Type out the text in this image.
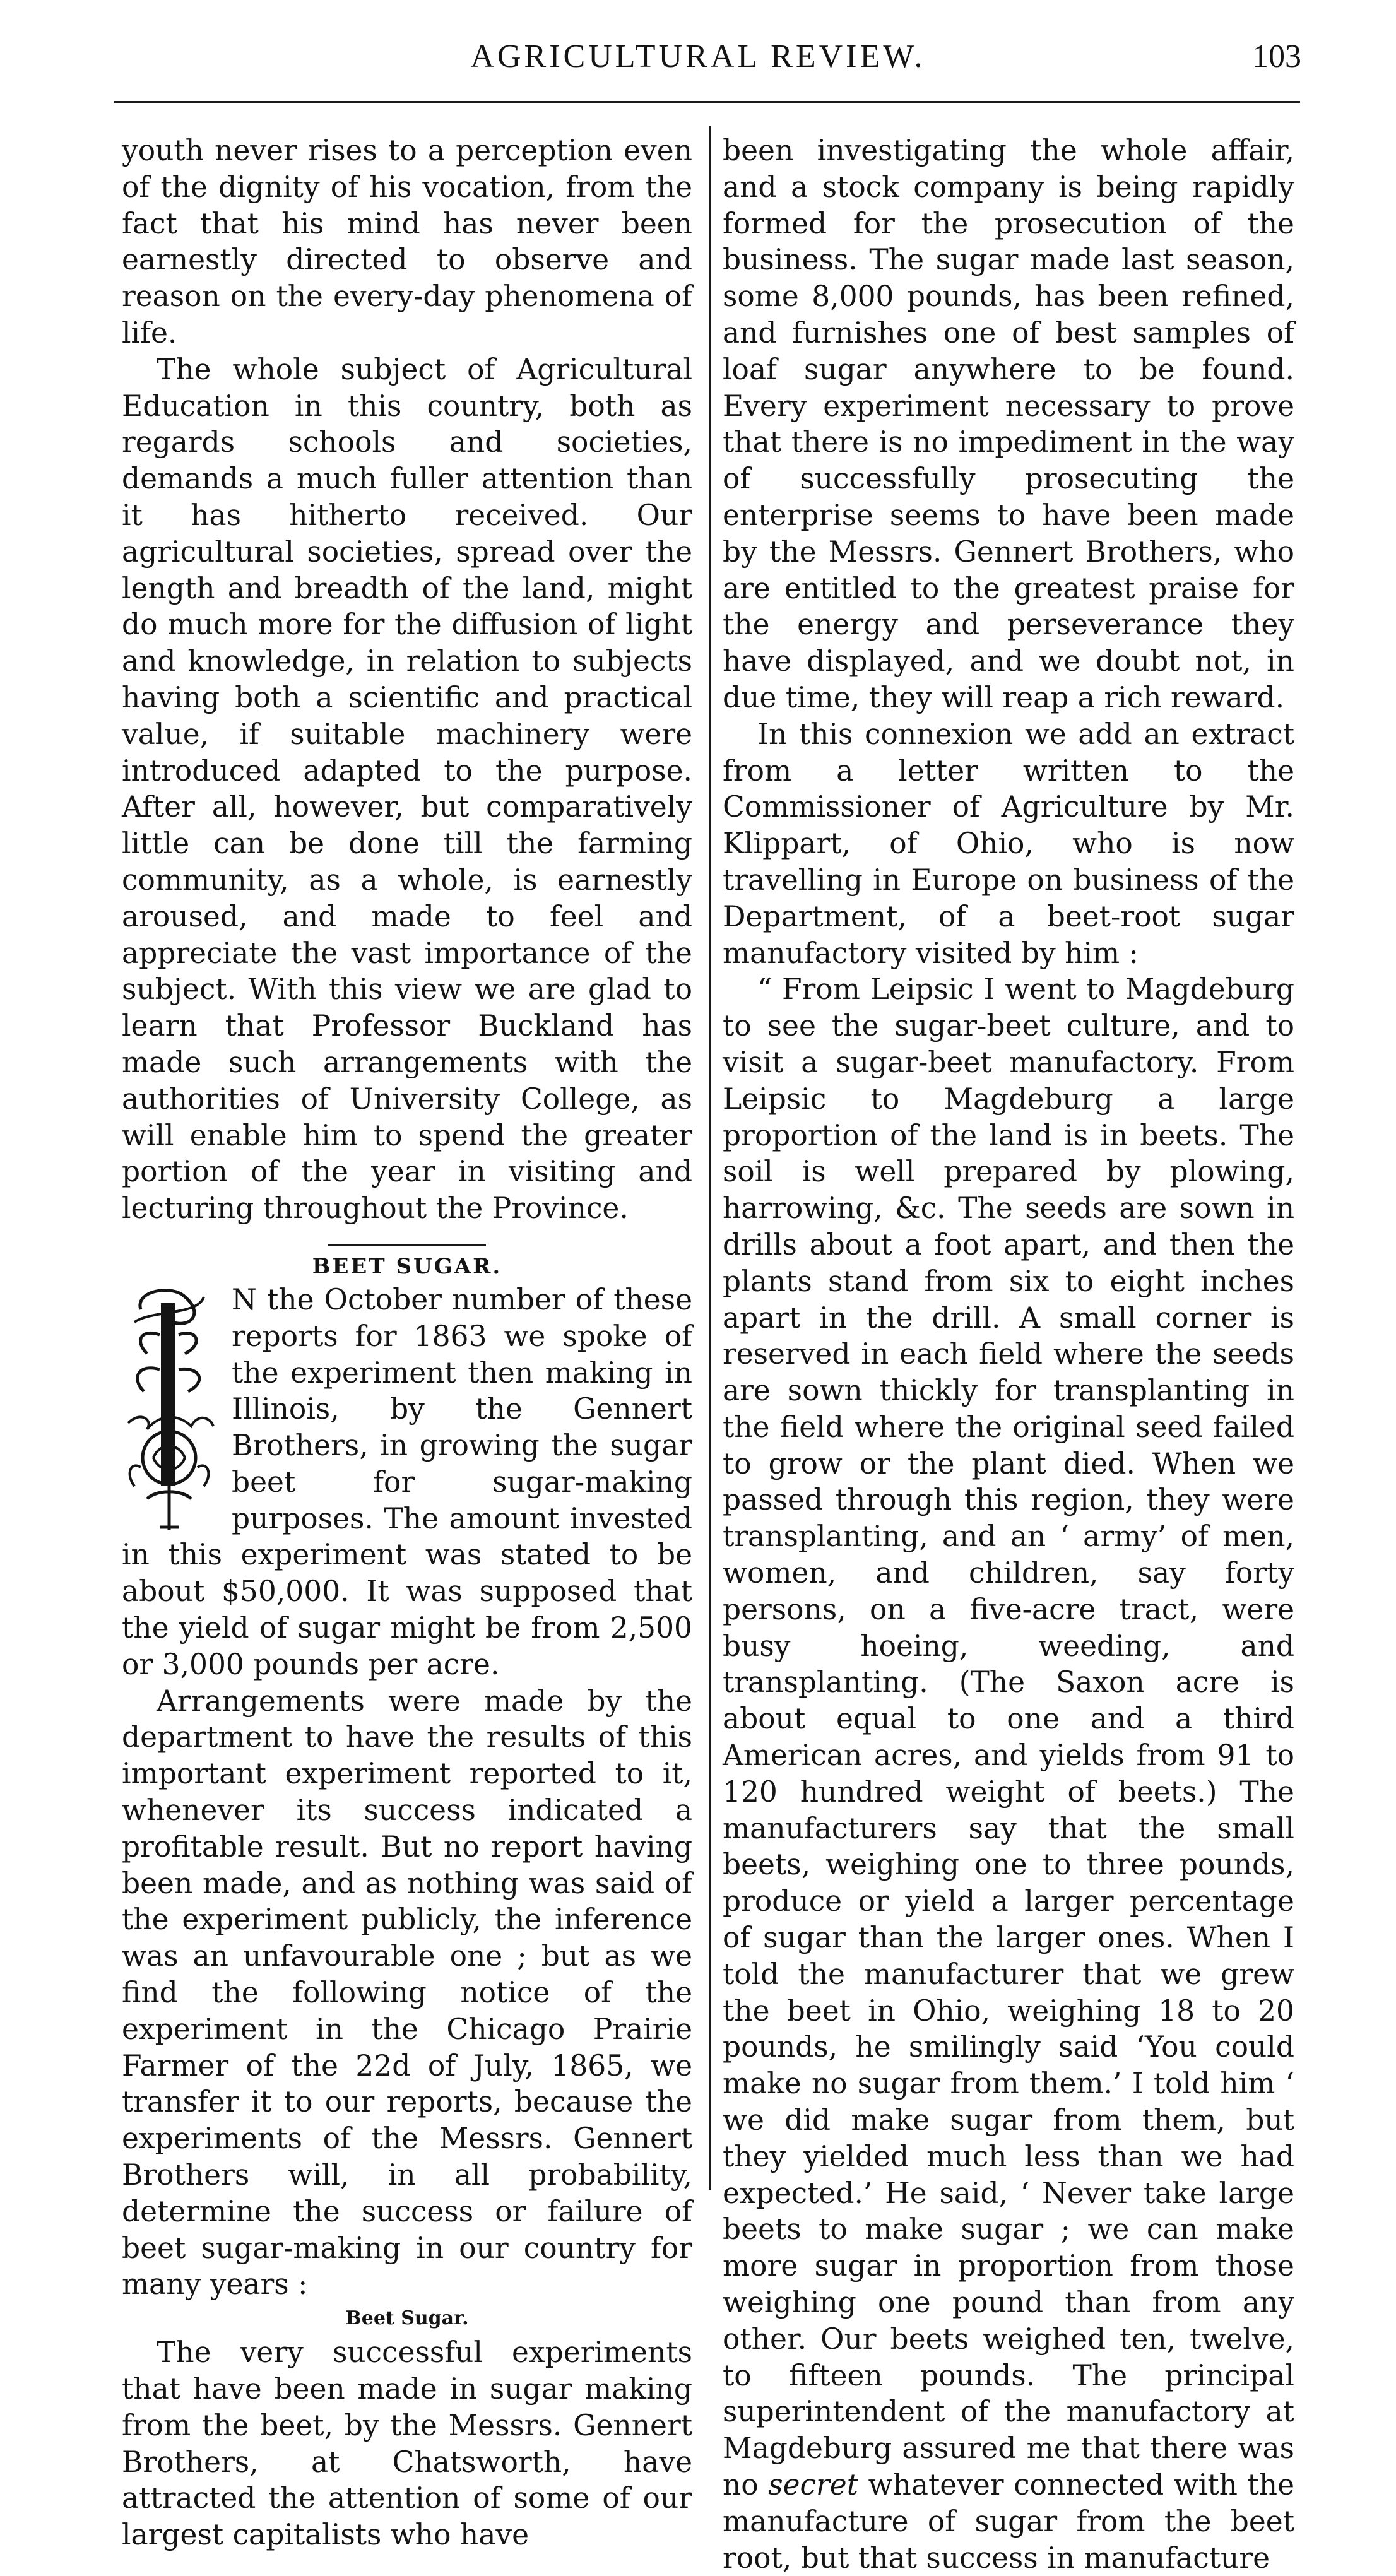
AGRICULTURAL REVIEW.	103

youth never rises to a perception even of the dignity of his vocation, from the fact that his mind has never been earnestly directed to observe and reason on the every-day phenomena of life.

The whole subject of Agricultural Education in this country, both as regards schools and societies, demands a much fuller attention than it has hitherto received. Our agricultural societies, spread over the length and breadth of the land, might do much more for the diffusion of light and knowledge, in relation to subjects having both a scientific and practical value, if suitable machinery were introduced adapted to the purpose. After all, however, but comparatively little can be done till the farming community, as a whole, is earnestly aroused, and made to feel and appreciate the vast importance of the subject. With this view we are glad to learn that Professor Buckland has made such arrangements with the authorities of University College, as will enable him to spend the greater portion of the year in visiting and lecturing throughout the Province.

BEET SUGAR.

N the October number of these reports for 1863 we spoke of the experiment then making in Illinois, by the Gennert Brothers, in growing the sugar beet for sugar-making purposes. The amount invested in this experiment was stated to be about $50,000. It was supposed that the yield of sugar might be from 2,500 or 3,000 pounds per acre.

Arrangements were made by the department to have the results of this important experiment reported to it, whenever its success indicated a profitable result. But no report having been made, and as nothing was said of the experiment publicly, the inference was an unfavourable one ; but as we find the following notice of the experiment in the Chicago Prairie Farmer of the 22d of July, 1865, we transfer it to our reports, because the experiments of the Messrs. Gennert Brothers will, in all probability, determine the success or failure of beet sugar-making in our country for many years :

Beet Sugar.

The very successful experiments that have been made in sugar making from the beet, by the Messrs. Gennert Brothers, at Chatsworth, have attracted the attention of some of our largest capitalists who have

been investigating the whole affair, and a stock company is being rapidly formed for the prosecution of the business. The sugar made last season, some 8,000 pounds, has been refined, and furnishes one of best samples of loaf sugar anywhere to be found. Every experiment necessary to prove that there is no impediment in the way of successfully prosecuting the enterprise seems to have been made by the Messrs. Gennert Brothers, who are entitled to the greatest praise for the energy and perseverance they have displayed, and we doubt not, in due time, they will reap a rich reward.

In this connexion we add an extract from a letter written to the Commissioner of Agriculture by Mr. Klippart, of Ohio, who is now travelling in Europe on business of the Department, of a beet-root sugar manufactory visited by him :

“ From Leipsic I went to Magdeburg to see the sugar-beet culture, and to visit a sugar-beet manufactory. From Leipsic to Magdeburg a large proportion of the land is in beets. The soil is well prepared by plowing, harrowing, &c. The seeds are sown in drills about a foot apart, and then the plants stand from six to eight inches apart in the drill. A small corner is reserved in each field where the seeds are sown thickly for transplanting in the field where the original seed failed to grow or the plant died. When we passed through this region, they were transplanting, and an ‘ army’ of men, women, and children, say forty persons, on a five-acre tract, were busy hoeing, weeding, and transplanting. (The Saxon acre is about equal to one and a third American acres, and yields from 91 to 120 hundred weight of beets.) The manufacturers say that the small beets, weighing one to three pounds, produce or yield a larger percentage of sugar than the larger ones. When I told the manufacturer that we grew the beet in Ohio, weighing 18 to 20 pounds, he smilingly said ‘You could make no sugar from them.’ I told him ‘ we did make sugar from them, but they yielded much less than we had expected.’ He said, ‘ Never take large beets to make sugar ; we can make more sugar in proportion from those weighing one pound than from any other. Our beets weighed ten, twelve, to fifteen pounds. The principal superintendent of the manufactory at Magdeburg assured me that there was no secret whatever connected with the manufacture of sugar from the beet root, but that success in manufacture
